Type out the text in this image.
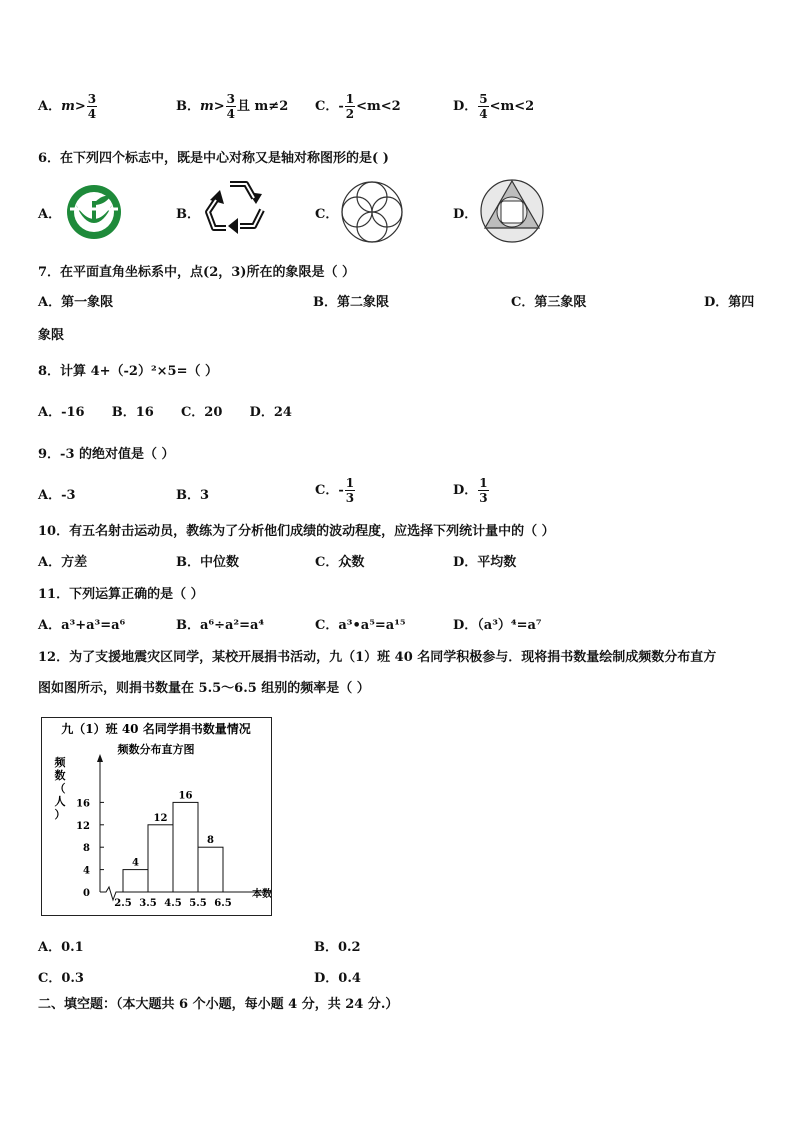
A．$m> \frac{3}{4}$	B．$m> \frac{3}{4}$ 且 m≠2 C．- $\frac{1}{2} <m<2$	D． $\frac{5}{4} <m<2$
6．在下列四个标志中，既是中心对称又是轴对称图形的是( )
A．	B．	C．	D．
7．在平面直角坐标系中，点(2，3)所在的象限是（ ）
A．第一象限	B．第二象限	C．第三象限	D．第四
象限
8．计算 4+（-2）²×5=（ ）
A．-16      B．16      C．20      D．24
9．-3 的绝对值是（ ）
A．-3	B．3	C．- $\frac{1}{3}$	D． $\frac{1}{3}$
10．有五名射击运动员，教练为了分析他们成绩的波动程度，应选择下列统计量中的（ ）
A．方差	B．中位数	C．众数	D．平均数
11．下列运算正确的是（ ）
A．a³+a³=a⁶	B．a⁶÷a²=a⁴	C．a³•a⁵=a¹⁵	D．（a³）⁴=a⁷
12．为了支援地震灾区同学，某校开展捐书活动，九（1）班 40 名同学积极参与．现将捐书数量绘制成频数分布直方
图如图所示，则捐书数量在 5.5～6.5 组别的频率是（ ）
九（1）班 40 名同学捐书数量情况
频数分布直方图
频
数
（
人
）
本数
0
4
8
12
16
4
12
16
8
2.5 3.5 4.5 5.5 6.5
A．0.1	B．0.2
C．0.3	D．0.4
二、填空题：（本大题共 6 个小题，每小题 4 分，共 24 分.）
